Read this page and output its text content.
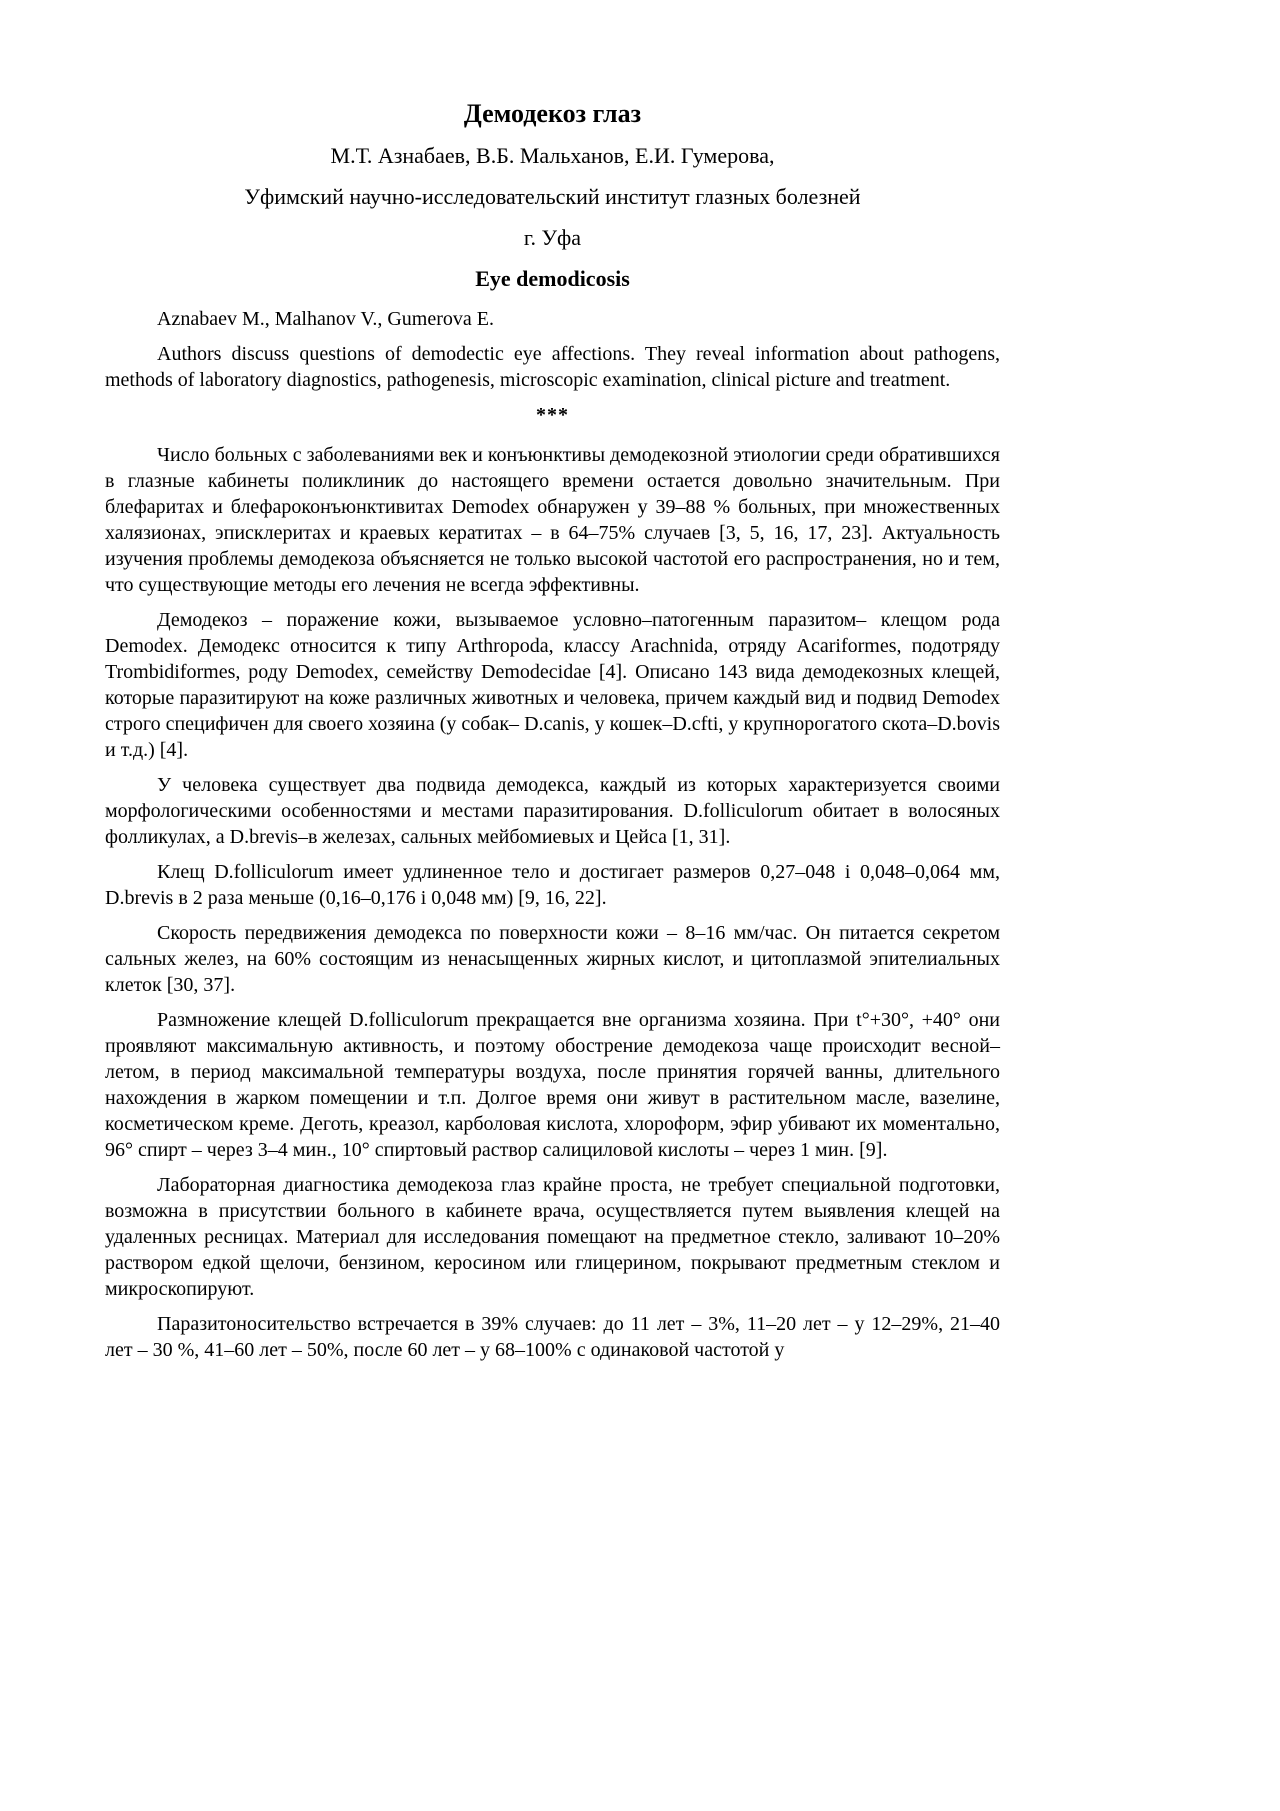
Демодекоз глаз

М.Т. Азнабаев, В.Б. Мальханов, Е.И. Гумерова,

Уфимский научно-исследовательский институт глазных болезней

г. Уфа

Eye demodicosis

Aznabaev M., Malhanov V., Gumerova E.

Authors discuss questions of demodectic eye affections. They reveal information about pathogens, methods of laboratory diagnostics, pathogenesis, microscopic examination, clinical picture and treatment.

***

Число больных с заболеваниями век и конъюнктивы демодекозной этиологии среди обратившихся в глазные кабинеты поликлиник до настоящего времени остается довольно значительным. При блефаритах и блефароконъюнктивитах Demodex обнаружен у 39–88 % больных, при множественных халязионах, эписклеритах и краевых кератитах – в 64–75% случаев [3, 5, 16, 17, 23]. Актуальность изучения проблемы демодекоза объясняется не только высокой частотой его распространения, но и тем, что существующие методы его лечения не всегда эффективны.

Демодекоз – поражение кожи, вызываемое условно–патогенным паразитом– клещом рода Demodex. Демодекс относится к типу Arthropoda, классу Arachnida, отряду Acariformes, подотряду Trombidiformes, роду Demodex, семейству Demodecidae [4]. Описано 143 вида демодекозных клещей, которые паразитируют на коже различных животных и человека, причем каждый вид и подвид Demodex строго специфичен для своего хозяина (у собак– D.canis, у кошек–D.cfti, у крупнорогатого скота–D.bovis и т.д.) [4].

У человека существует два подвида демодекса, каждый из которых характеризуется своими морфологическими особенностями и местами паразитирования. D.folliculorum обитает в волосяных фолликулах, а D.brevis–в железах, сальных мейбомиевых и Цейса [1, 31].

Клещ D.folliculorum имеет удлиненное тело и достигает размеров 0,27–048 i 0,048–0,064 мм, D.brevis в 2 раза меньше (0,16–0,176 i 0,048 мм) [9, 16, 22].

Скорость передвижения демодекса по поверхности кожи – 8–16 мм/час. Он питается секретом сальных желез, на 60% состоящим из ненасыщенных жирных кислот, и цитоплазмой эпителиальных клеток [30, 37].

Размножение клещей D.folliculorum прекращается вне организма хозяина. При t°+30°, +40° они проявляют максимальную активность, и поэтому обострение демодекоза чаще происходит весной–летом, в период максимальной температуры воздуха, после принятия горячей ванны, длительного нахождения в жарком помещении и т.п. Долгое время они живут в растительном масле, вазелине, косметическом креме. Деготь, креазол, карболовая кислота, хлороформ, эфир убивают их моментально, 96° спирт – через 3–4 мин., 10° спиртовый раствор салициловой кислоты – через 1 мин. [9].

Лабораторная диагностика демодекоза глаз крайне проста, не требует специальной подготовки, возможна в присутствии больного в кабинете врача, осуществляется путем выявления клещей на удаленных ресницах. Материал для исследования помещают на предметное стекло, заливают 10–20% раствором едкой щелочи, бензином, керосином или глицерином, покрывают предметным стеклом и микроскопируют.

Паразитоносительство встречается в 39% случаев: до 11 лет – 3%, 11–20 лет – у 12–29%, 21–40 лет – 30 %, 41–60 лет – 50%, после 60 лет – у 68–100% с одинаковой частотой у
